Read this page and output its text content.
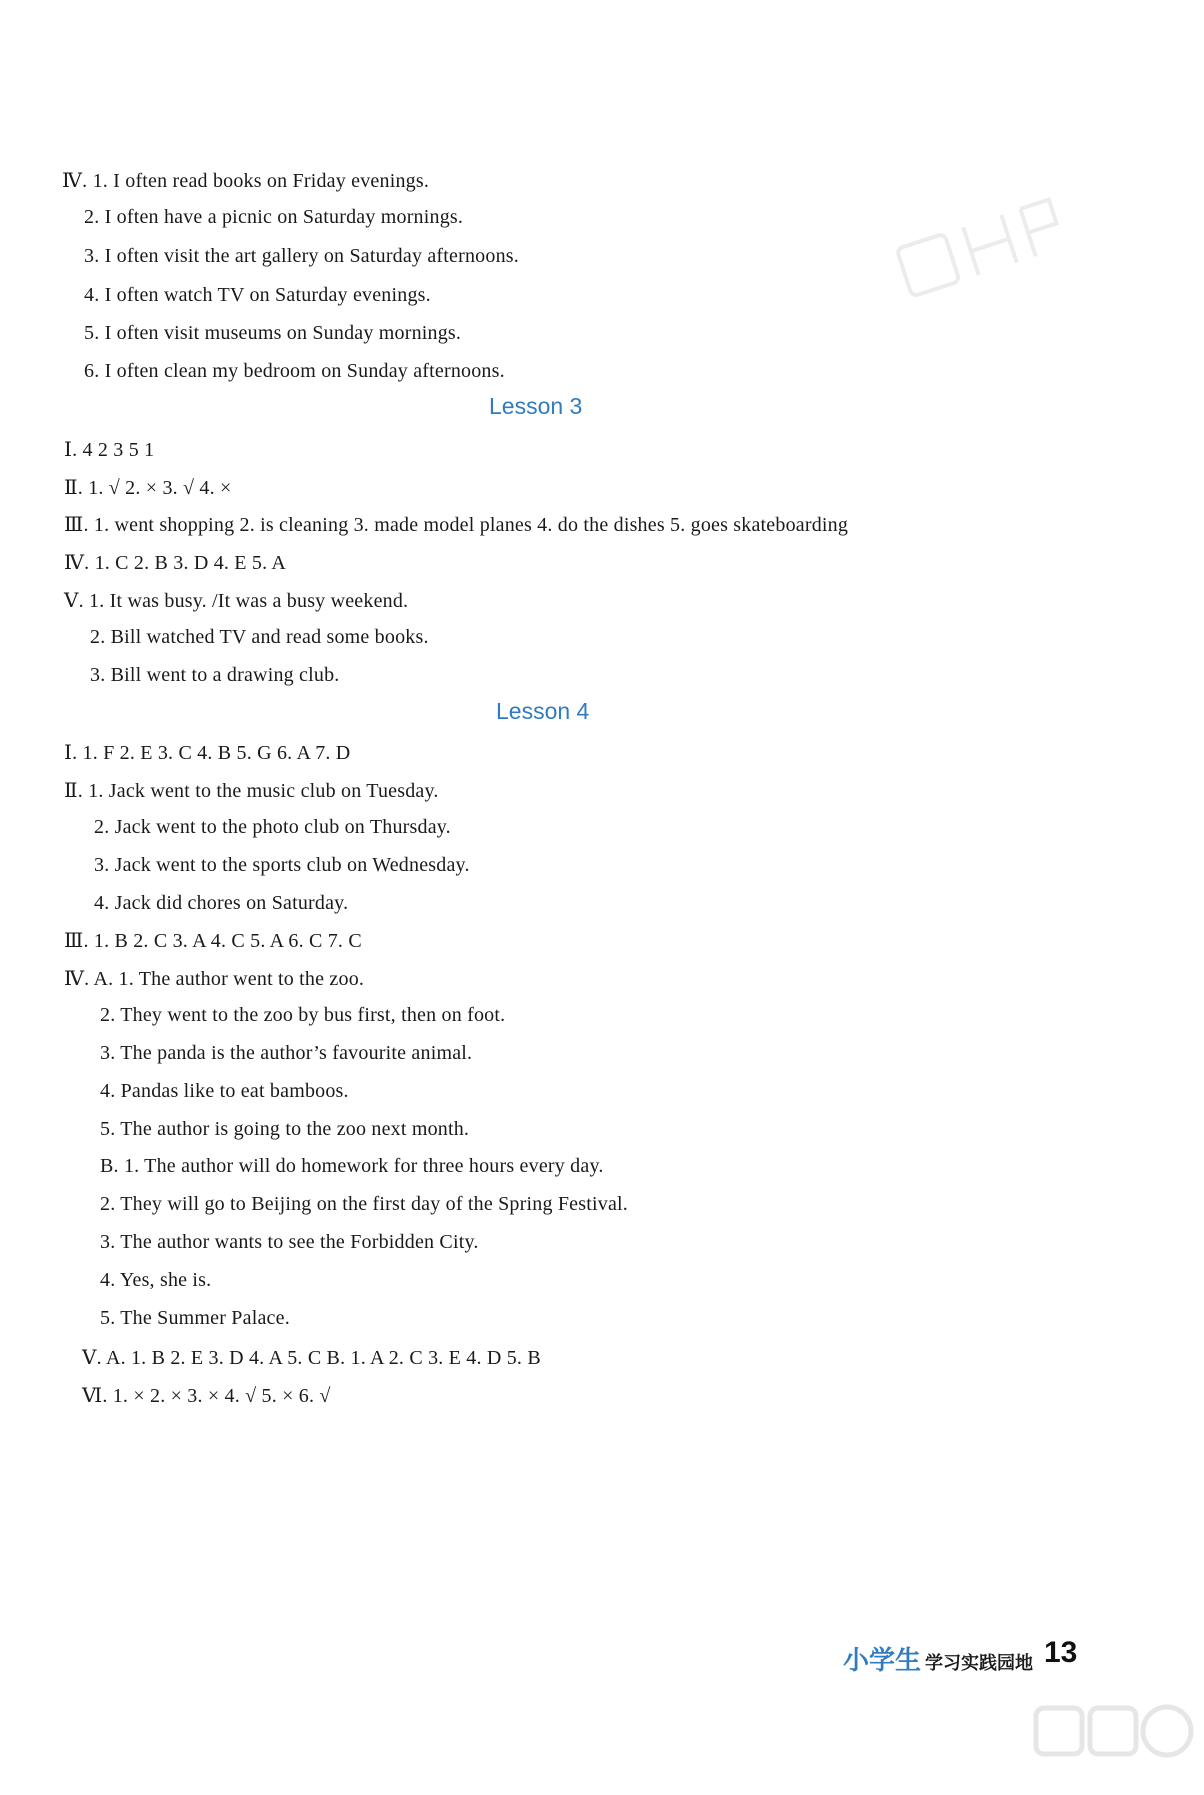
Ⅳ. 1. I often read books on Friday evenings.
2. I often have a picnic on Saturday mornings.
3. I often visit the art gallery on Saturday afternoons.
4. I often watch TV on Saturday evenings.
5. I often visit museums on Sunday mornings.
6. I often clean my bedroom on Sunday afternoons.
Lesson 3
Ⅰ. 4 2 3 5 1
Ⅱ. 1. √ 2. × 3. √ 4. ×
Ⅲ. 1. went shopping 2. is cleaning 3. made model planes 4. do the dishes 5. goes skateboarding
Ⅳ. 1. C 2. B 3. D 4. E 5. A
Ⅴ. 1. It was busy. /It was a busy weekend.
2. Bill watched TV and read some books.
3. Bill went to a drawing club.
Lesson 4
Ⅰ. 1. F 2. E 3. C 4. B 5. G 6. A 7. D
Ⅱ. 1. Jack went to the music club on Tuesday.
2. Jack went to the photo club on Thursday.
3. Jack went to the sports club on Wednesday.
4. Jack did chores on Saturday.
Ⅲ. 1. B 2. C 3. A 4. C 5. A 6. C 7. C
Ⅳ. A. 1. The author went to the zoo.
2. They went to the zoo by bus first, then on foot.
3. The panda is the author’s favourite animal.
4. Pandas like to eat bamboos.
5. The author is going to the zoo next month.
B. 1. The author will do homework for three hours every day.
2. They will go to Beijing on the first day of the Spring Festival.
3. The author wants to see the Forbidden City.
4. Yes, she is.
5. The Summer Palace.
Ⅴ. A. 1. B 2. E 3. D 4. A 5. C B. 1. A 2. C 3. E 4. D 5. B
Ⅵ. 1. × 2. × 3. × 4. √ 5. × 6. √
小学生 学习实践园地 13
